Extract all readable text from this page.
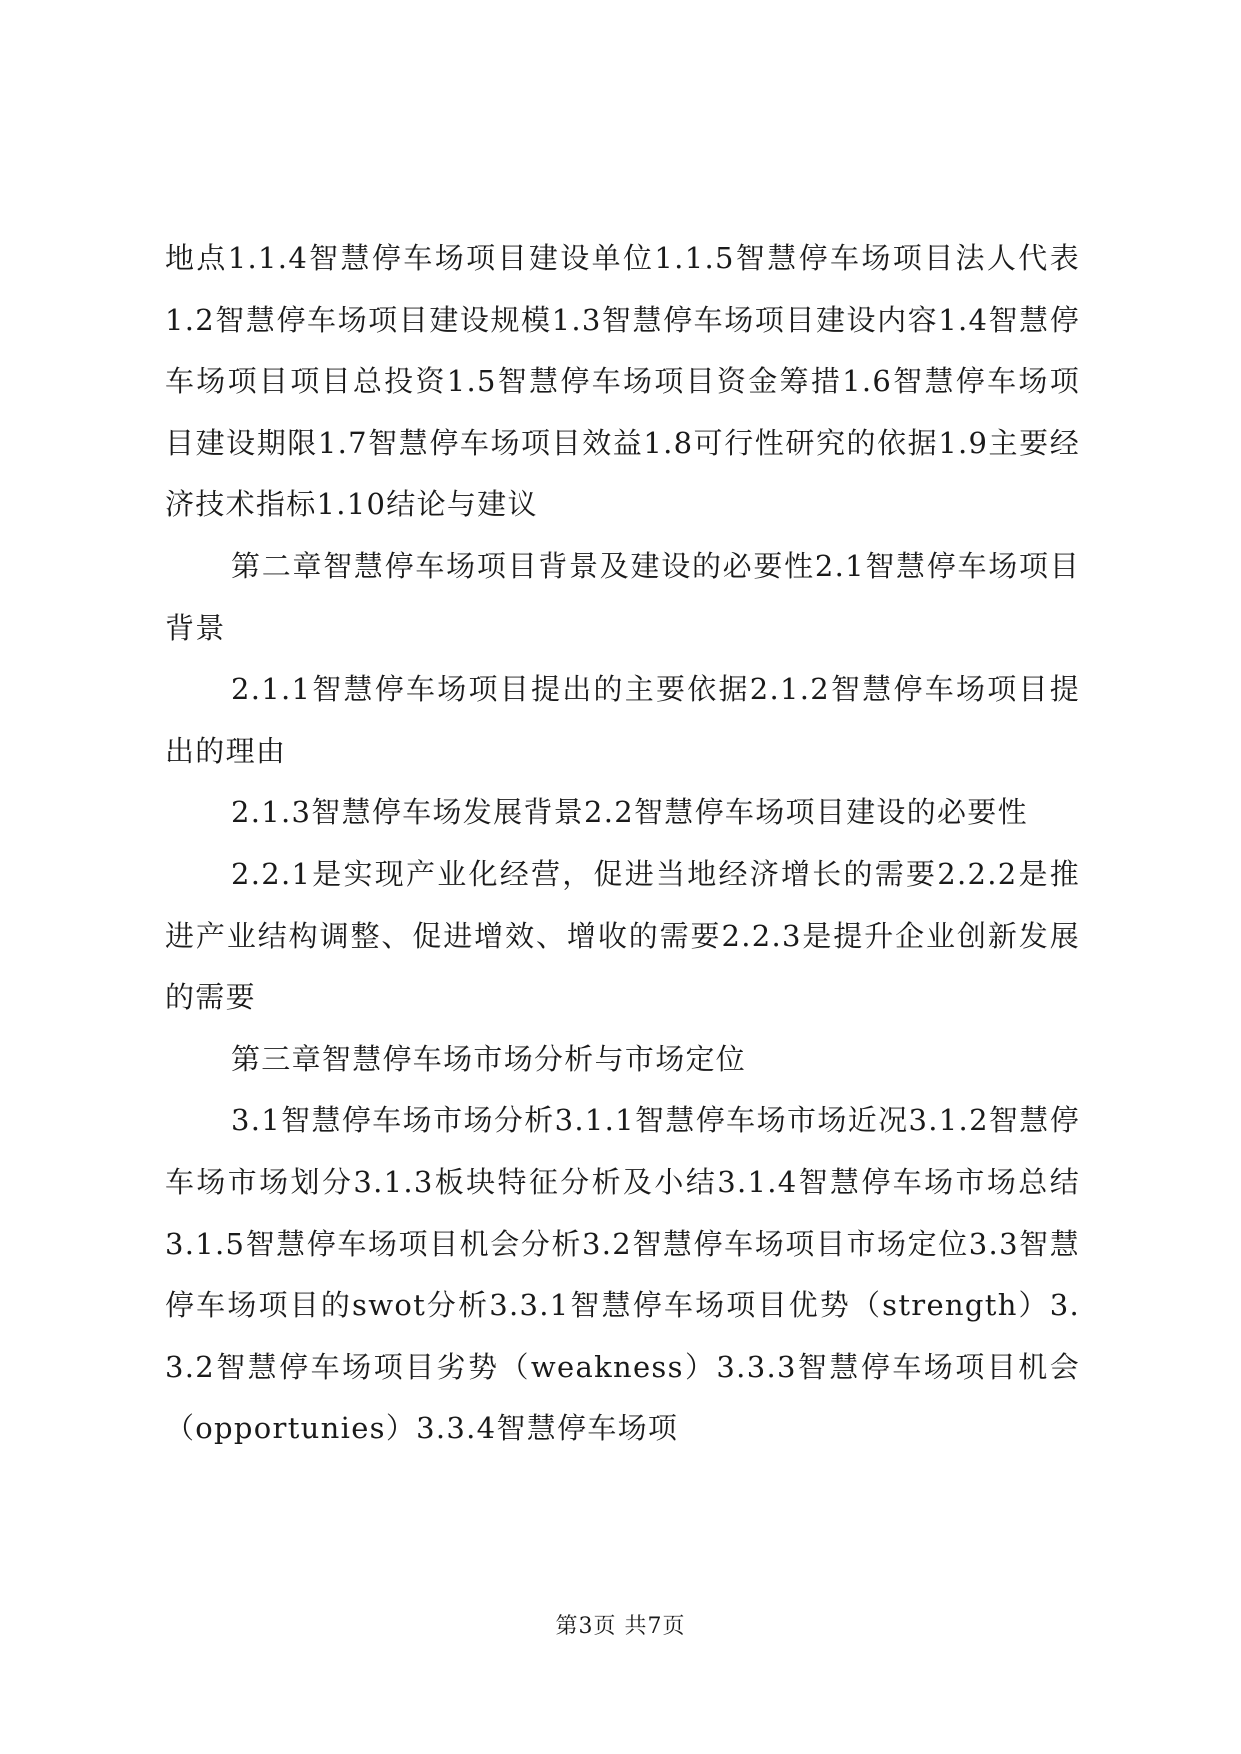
地点1.1.4智慧停车场项目建设单位1.1.5智慧停车场项目法人代表1.2智慧停车场项目建设规模1.3智慧停车场项目建设内容1.4智慧停车场项目项目总投资1.5智慧停车场项目资金筹措1.6智慧停车场项目建设期限1.7智慧停车场项目效益1.8可行性研究的依据1.9主要经济技术指标1.10结论与建议

第二章智慧停车场项目背景及建设的必要性2.1智慧停车场项目背景

2.1.1智慧停车场项目提出的主要依据2.1.2智慧停车场项目提出的理由

2.1.3智慧停车场发展背景2.2智慧停车场项目建设的必要性

2.2.1是实现产业化经营，促进当地经济增长的需要2.2.2是推进产业结构调整、促进增效、增收的需要2.2.3是提升企业创新发展的需要

第三章智慧停车场市场分析与市场定位

3.1智慧停车场市场分析3.1.1智慧停车场市场近况3.1.2智慧停车场市场划分3.1.3板块特征分析及小结3.1.4智慧停车场市场总结3.1.5智慧停车场项目机会分析3.2智慧停车场项目市场定位3.3智慧停车场项目的swot分析3.3.1智慧停车场项目优势（strength）3.3.2智慧停车场项目劣势（weakness）3.3.3智慧停车场项目机会（opportunies）3.3.4智慧停车场项

第3页 共7页
